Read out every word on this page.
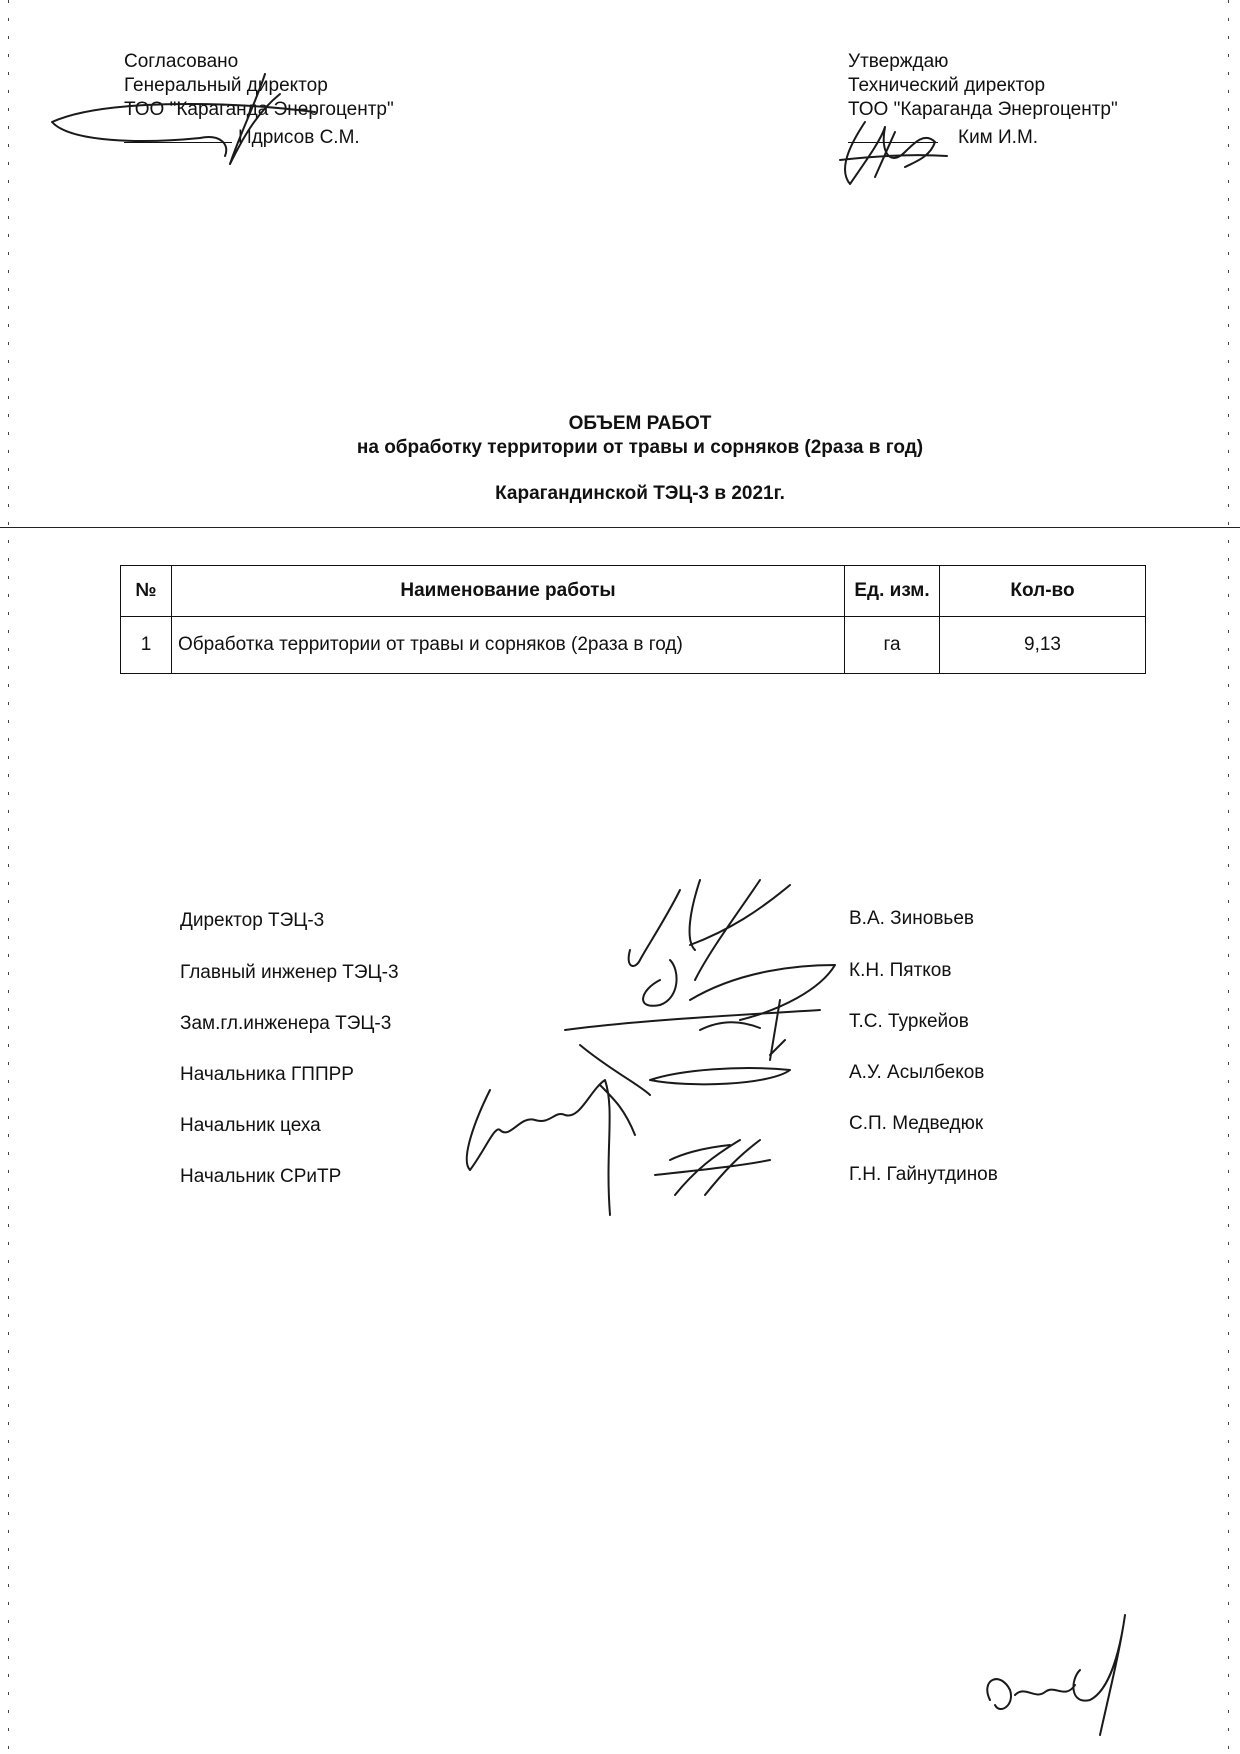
Согласовано
Генеральный директор
ТОО "Караганда Энергоцентр"
Идрисов С.М.
Утверждаю
Технический директор
ТОО "Караганда Энергоцентр"
Ким И.М.
ОБЪЕМ РАБОТ
на обработку территории от травы и сорняков (2раза в год)
Карагандинской ТЭЦ-3 в 2021г.
№	Наименование работы	Ед. изм.	Кол-во
1	Обработка территории от травы и сорняков (2раза в год)	га	9,13
Директор ТЭЦ-3	В.А. Зиновьев
Главный инженер ТЭЦ-3	К.Н. Пятков
Зам.гл.инженера ТЭЦ-3	Т.С. Туркейов
Начальника ГППРР	А.У. Асылбеков
Начальник цеха	С.П. Медведюк
Начальник СРиТР	Г.Н. Гайнутдинов
